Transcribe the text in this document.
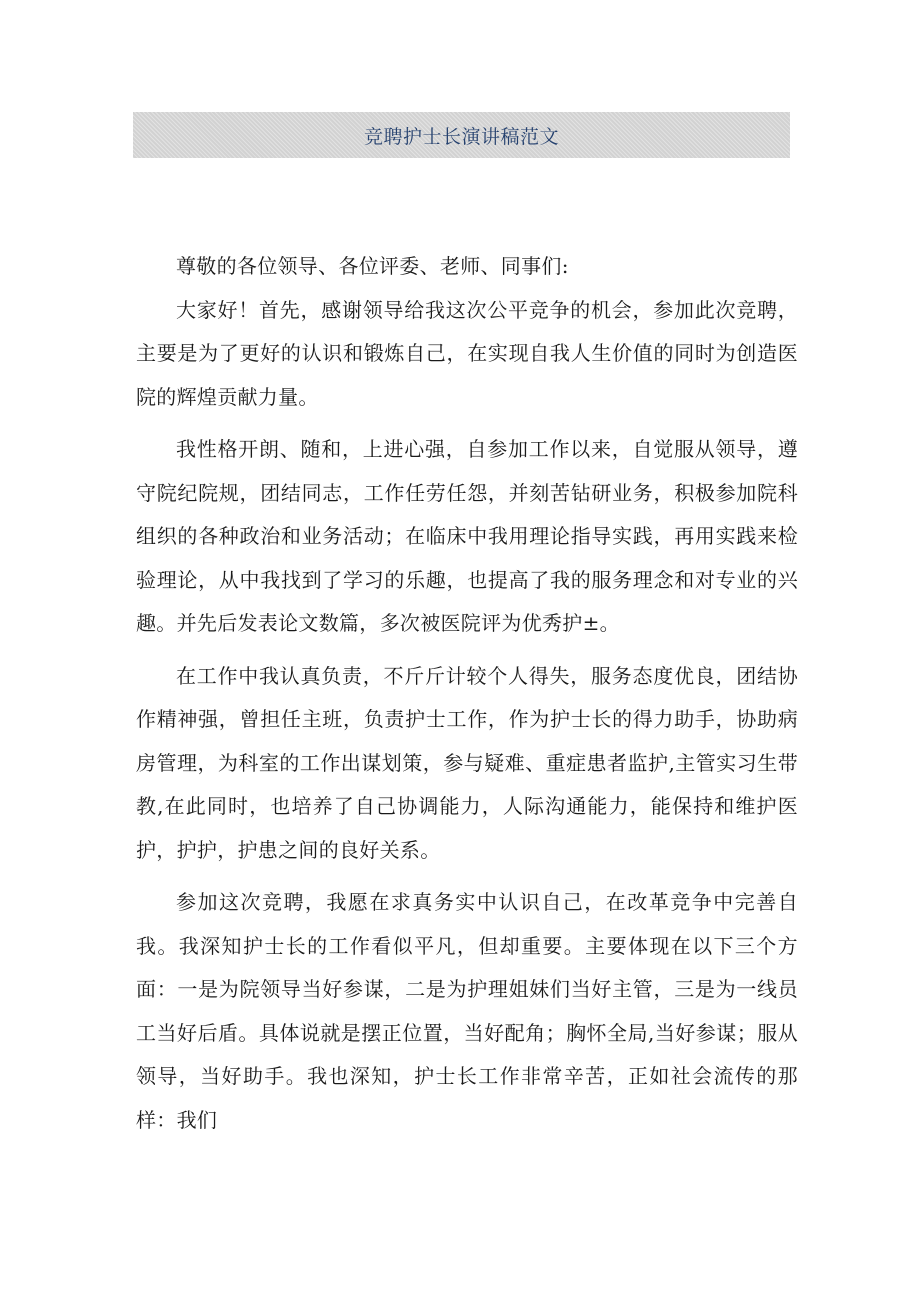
竞聘护士长演讲稿范文

尊敬的各位领导、各位评委、老师、同事们:

大家好！首先，感谢领导给我这次公平竞争的机会，参加此次竞聘，主要是为了更好的认识和锻炼自己，在实现自我人生价值的同时为创造医院的辉煌贡献力量。

我性格开朗、随和，上进心强，自参加工作以来，自觉服从领导，遵守院纪院规，团结同志，工作任劳任怨，并刻苦钻研业务，积极参加院科组织的各种政治和业务活动；在临床中我用理论指导实践，再用实践来检验理论，从中我找到了学习的乐趣，也提高了我的服务理念和对专业的兴趣。并先后发表论文数篇，多次被医院评为优秀护±。

在工作中我认真负责，不斤斤计较个人得失，服务态度优良，团结协作精神强，曾担任主班，负责护士工作，作为护士长的得力助手，协助病房管理，为科室的工作出谋划策，参与疑难、重症患者监护,主管实习生带教,在此同时，也培养了自己协调能力，人际沟通能力，能保持和维护医护，护护，护患之间的良好关系。

参加这次竞聘，我愿在求真务实中认识自己，在改革竞争中完善自我。我深知护士长的工作看似平凡，但却重要。主要体现在以下三个方面：一是为院领导当好参谋，二是为护理姐妹们当好主管，三是为一线员工当好后盾。具体说就是摆正位置，当好配角；胸怀全局,当好参谋；服从领导，当好助手。我也深知，护士长工作非常辛苦，正如社会流传的那样：我们
